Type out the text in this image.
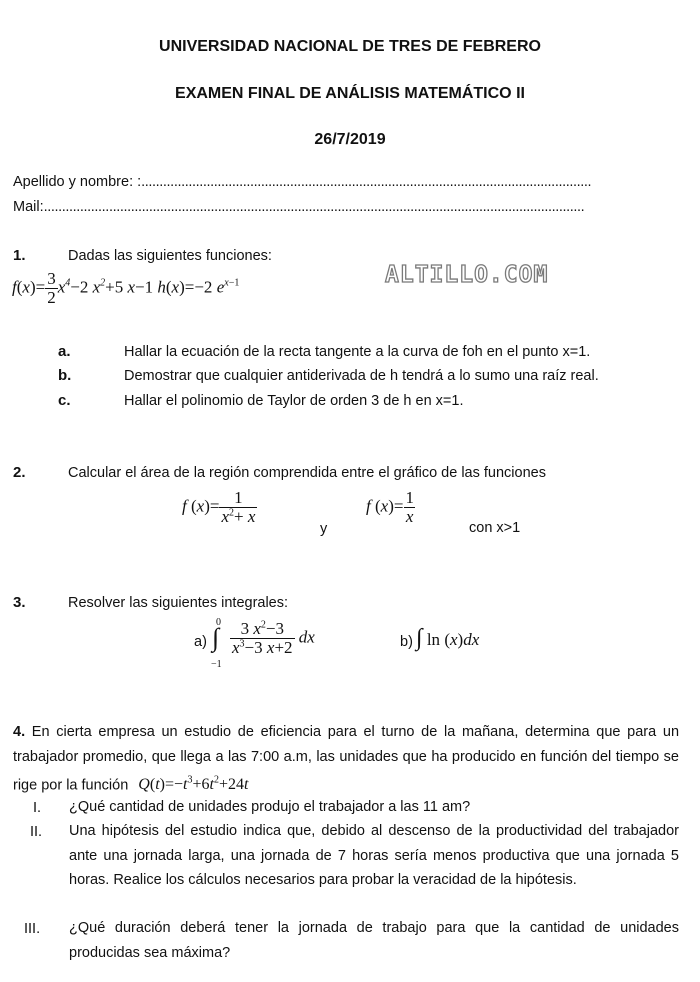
UNIVERSIDAD NACIONAL DE TRES DE FEBRERO
EXAMEN FINAL DE ANÁLISIS MATEMÁTICO II
26/7/2019
Apellido y nombre: :............................................................................................................................
Mail:.....................................................................................................................................................
1.	Dadas las siguientes funciones:
$f(x)= \frac{3}{2} x^4-2$ $x^2+5$ x−1 h(x)=−2 $e^{x-1}$	ALTILLO.COM
a.	Hallar la ecuación de la recta tangente a la curva de foh en el punto x=1.
b.	Demostrar que cualquier antiderivada de h tendrá a lo sumo una raíz real.
c.	Hallar el polinomio de Taylor de orden 3 de h en x=1.
2.	Calcular el área de la región comprendida entre el gráfico de las funciones
f $(x)= \frac{1}{x^2+ x}$
y
f $(x)= \frac{1}{x}$
con x>1
3.	Resolver las siguientes integrales:
a)
0
∫
−1
$\frac{3 x^2-3}{x^3-3 x+2}$ dx	b) ∫ ln (x)dx
4. En cierta empresa un estudio de eficiencia para el turno de la mañana, determina que para un trabajador promedio, que llega a las 7:00 a.m, las unidades que ha producido en función del tiempo se rige por la función $Q(t)=-t^3+6t^2+24t$
I. ¿Qué cantidad de unidades produjo el trabajador a las 11 am?
II. Una hipótesis del estudio indica que, debido al descenso de la productividad del trabajador ante una jornada larga, una jornada de 7 horas sería menos productiva que una jornada 5 horas. Realice los cálculos necesarios para probar la veracidad de la hipótesis.
III. ¿Qué duración deberá tener la jornada de trabajo para que la cantidad de unidades producidas sea máxima?
